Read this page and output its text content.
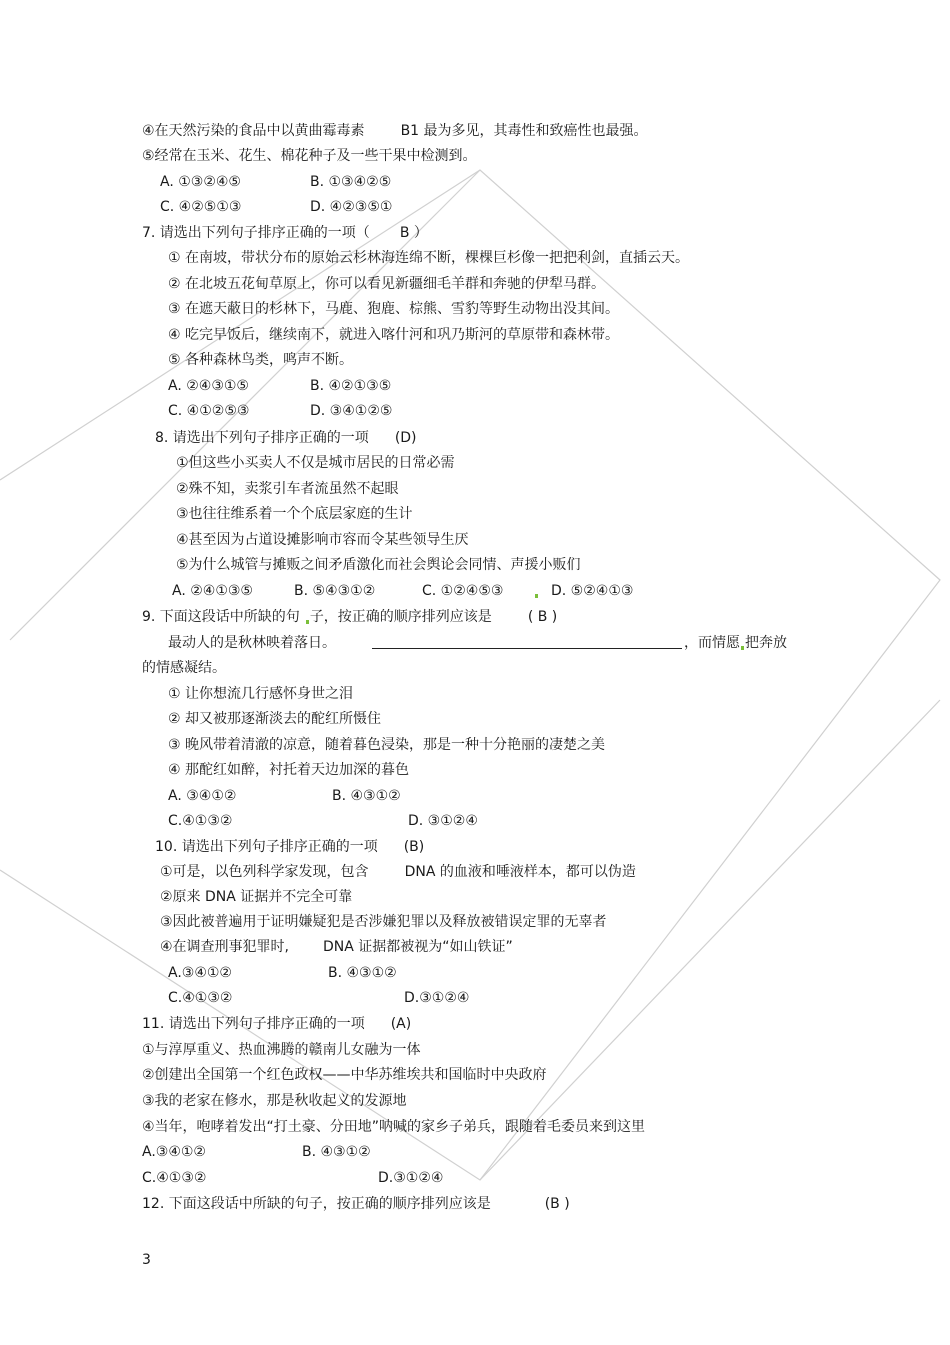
④在天然污染的食品中以黄曲霉毒素	B1 最为多见，其毒性和致癌性也最强。
⑤经常在玉米、花生、棉花种子及一些干果中检测到。
A. ①③②④⑤	B. ①③④②⑤
C. ④②⑤①③	D. ④②③⑤①
7. 请选出下列句子排序正确的一项（ B ）
① 在南坡，带状分布的原始云杉林海连绵不断，棵棵巨杉像一把把利剑，直插云天。
② 在北坡五花甸草原上，你可以看见新疆细毛羊群和奔驰的伊犁马群。
③ 在遮天蔽日的杉林下，马鹿、狍鹿、棕熊、雪豹等野生动物出没其间。
④ 吃完早饭后，继续南下，就进入喀什河和巩乃斯河的草原带和森林带。
⑤ 各种森林鸟类，鸣声不断。
A. ②④③①⑤	B. ④②①③⑤
C. ④①②⑤③	D. ③④①②⑤
8. 请选出下列句子排序正确的一项 (D)
①但这些小买卖人不仅是城市居民的日常必需
②殊不知，卖浆引车者流虽然不起眼
③也往往维系着一个个底层家庭的生计
④甚至因为占道设摊影响市容而令某些领导生厌
⑤为什么城管与摊贩之间矛盾激化而社会舆论会同情、声援小贩们
A. ②④①③⑤	B. ⑤④③①②	C. ①②④⑤③	D. ⑤②④①③
9. 下面这段话中所缺的句 子，按正确的顺序排列应该是	( B )
最动人的是秋林映着落日。	，而情愿 把奔放
的情感凝结。
① 让你想流几行感怀身世之泪
② 却又被那逐渐淡去的酡红所慑住
③ 晚风带着清澈的凉意，随着暮色浸染，那是一种十分艳丽的凄楚之美
④ 那酡红如醉，衬托着天边加深的暮色
A. ③④①②	B. ④③①②
C.④①③②	D. ③①②④
10. 请选出下列句子排序正确的一项 (B)
①可是，以色列科学家发现，包含	DNA 的血液和唾液样本，都可以伪造
②原来 DNA 证据并不完全可靠
③因此被普遍用于证明嫌疑犯是否涉嫌犯罪以及释放被错误定罪的无辜者
④在调查刑事犯罪时, DNA 证据都被视为“如山铁证”
A.③④①②	B. ④③①②
C.④①③②	D.③①②④
11. 请选出下列句子排序正确的一项 (A)
①与淳厚重义、热血沸腾的赣南儿女融为一体
②创建出全国第一个红色政权——中华苏维埃共和国临时中央政府
③我的老家在修水，那是秋收起义的发源地
④当年，咆哮着发出“打土豪、分田地”呐喊的家乡子弟兵，跟随着毛委员来到这里
A.③④①②	B. ④③①②
C.④①③②	D.③①②④
12. 下面这段话中所缺的句子，按正确的顺序排列应该是	(B )
3
